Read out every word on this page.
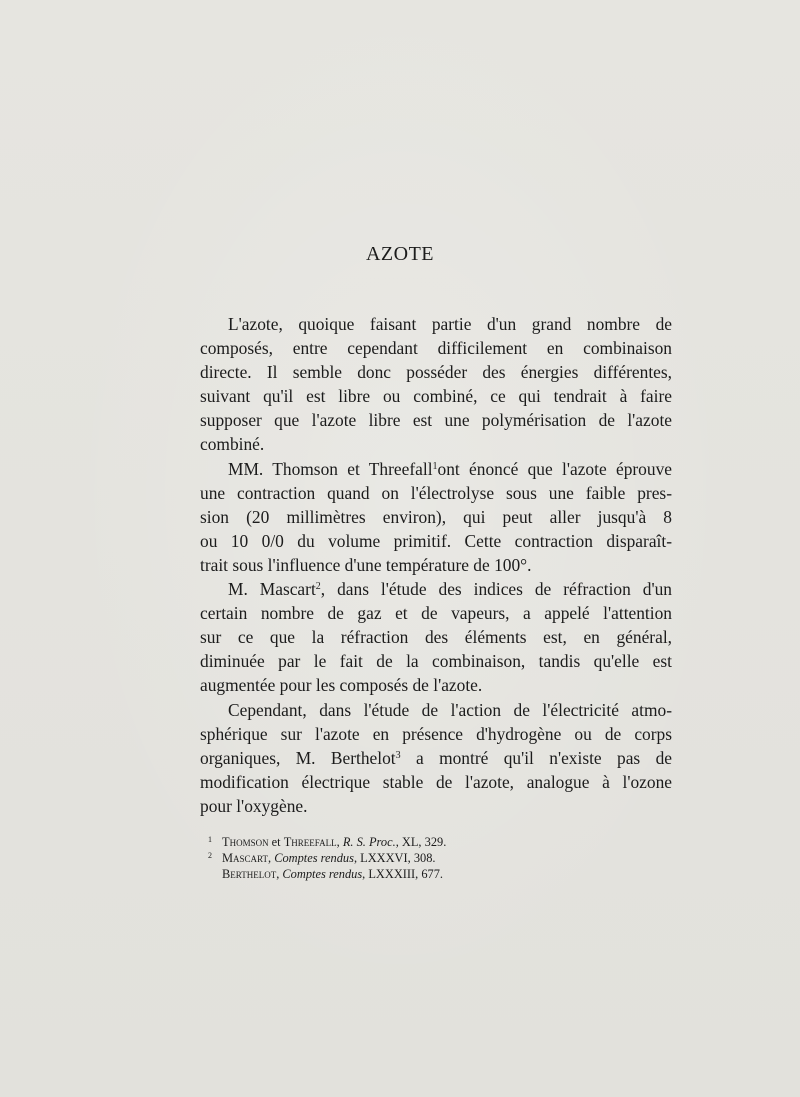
AZOTE

L'azote, quoique faisant partie d'un grand nombre de
composés, entre cependant difficilement en combinaison
directe. Il semble donc posséder des énergies différentes,
suivant qu'il est libre ou combiné, ce qui tendrait à faire
supposer que l'azote libre est une polymérisation de l'azote
combiné.

MM. Thomson et Threefall$^1$ont énoncé que l'azote éprouve
une contraction quand on l'électrolyse sous une faible pres-
sion (20 millimètres environ), qui peut aller jusqu'à 8
ou 10 0/0 du volume primitif. Cette contraction disparaît-
trait sous l'influence d'une température de 100°.

M. Mascart$^2$, dans l'étude des indices de réfraction d'un
certain nombre de gaz et de vapeurs, a appelé l'attention
sur ce que la réfraction des éléments est, en général,
diminuée par le fait de la combinaison, tandis qu'elle est
augmentée pour les composés de l'azote.

Cependant, dans l'étude de l'action de l'électricité atmo-
sphérique sur l'azote en présence d'hydrogène ou de corps
organiques, M. Berthelot$^3$ a montré qu'il n'existe pas de
modification électrique stable de l'azote, analogue à l'ozone
pour l'oxygène.

1 Thomson et Threefall, R. S. Proc., XL, 329.
2 Mascart, Comptes rendus, LXXXVI, 308.
Berthelot, Comptes rendus, LXXXIII, 677.
